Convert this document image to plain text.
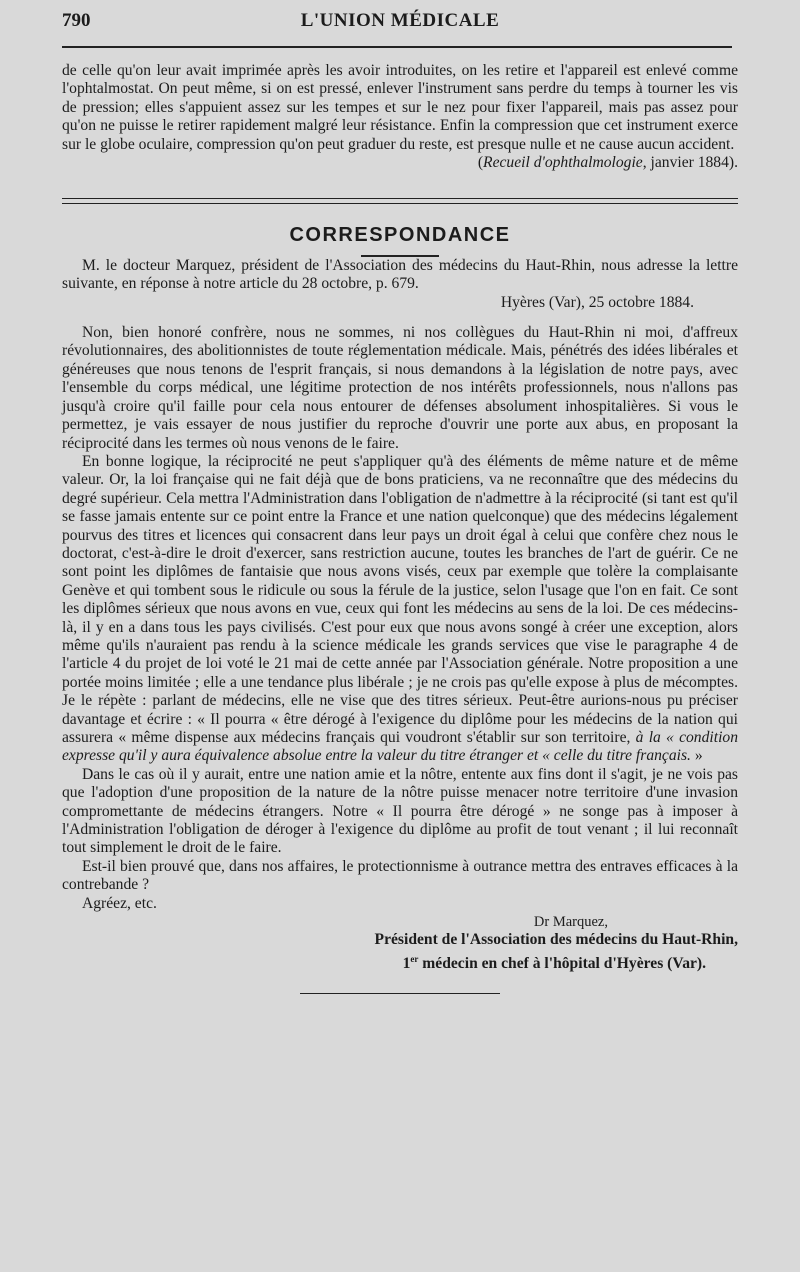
790	L'UNION MÉDICALE

de celle qu'on leur avait imprimée après les avoir introduites, on les retire et l'appareil est enlevé comme l'ophtalmostat. On peut même, si on est pressé, enlever l'instrument sans perdre du temps à tourner les vis de pression; elles s'appuient assez sur les tempes et sur le nez pour fixer l'appareil, mais pas assez pour qu'on ne puisse le retirer rapidement malgré leur résistance. Enfin la compression que cet instrument exerce sur le globe oculaire, compression qu'on peut graduer du reste, est presque nulle et ne cause aucun accident.

(Recueil d'ophthalmologie, janvier 1884).

CORRESPONDANCE

M. le docteur Marquez, président de l'Association des médecins du Haut-Rhin, nous adresse la lettre suivante, en réponse à notre article du 28 octobre, p. 679.

Hyères (Var), 25 octobre 1884.

Non, bien honoré confrère, nous ne sommes, ni nos collègues du Haut-Rhin ni moi, d'affreux révolutionnaires, des abolitionnistes de toute réglementation médicale. Mais, pénétrés des idées libérales et généreuses que nous tenons de l'esprit français, si nous demandons à la législation de notre pays, avec l'ensemble du corps médical, une légitime protection de nos intérêts professionnels, nous n'allons pas jusqu'à croire qu'il faille pour cela nous entourer de défenses absolument inhospitalières. Si vous le permettez, je vais essayer de nous justifier du reproche d'ouvrir une porte aux abus, en proposant la réciprocité dans les termes où nous venons de le faire.

En bonne logique, la réciprocité ne peut s'appliquer qu'à des éléments de même nature et de même valeur. Or, la loi française qui ne fait déjà que de bons praticiens, va ne reconnaître que des médecins du degré supérieur. Cela mettra l'Administration dans l'obligation de n'admettre à la réciprocité (si tant est qu'il se fasse jamais entente sur ce point entre la France et une nation quelconque) que des médecins légalement pourvus des titres et licences qui consacrent dans leur pays un droit égal à celui que confère chez nous le doctorat, c'est-à-dire le droit d'exercer, sans restriction aucune, toutes les branches de l'art de guérir. Ce ne sont point les diplômes de fantaisie que nous avons visés, ceux par exemple que tolère la complaisante Genève et qui tombent sous le ridicule ou sous la férule de la justice, selon l'usage que l'on en fait. Ce sont les diplômes sérieux que nous avons en vue, ceux qui font les médecins au sens de la loi. De ces médecins-là, il y en a dans tous les pays civilisés. C'est pour eux que nous avons songé à créer une exception, alors même qu'ils n'auraient pas rendu à la science médicale les grands services que vise le paragraphe 4 de l'article 4 du projet de loi voté le 21 mai de cette année par l'Association générale. Notre proposition a une portée moins limitée ; elle a une tendance plus libérale ; je ne crois pas qu'elle expose à plus de mécomptes. Je le répète : parlant de médecins, elle ne vise que des titres sérieux. Peut-être aurions-nous pu préciser davantage et écrire : « Il pourra « être dérogé à l'exigence du diplôme pour les médecins de la nation qui assurera « même dispense aux médecins français qui voudront s'établir sur son territoire, à la « condition expresse qu'il y aura équivalence absolue entre la valeur du titre étranger et « celle du titre français. »

Dans le cas où il y aurait, entre une nation amie et la nôtre, entente aux fins dont il s'agit, je ne vois pas que l'adoption d'une proposition de la nature de la nôtre puisse menacer notre territoire d'une invasion compromettante de médecins étrangers. Notre « Il pourra être dérogé » ne songe pas à imposer à l'Administration l'obligation de déroger à l'exigence du diplôme au profit de tout venant ; il lui reconnaît tout simplement le droit de le faire.

Est-il bien prouvé que, dans nos affaires, le protectionnisme à outrance mettra des entraves efficaces à la contrebande ?

Agréez, etc.

Dr Marquez,

Président de l'Association des médecins du Haut-Rhin,

1er médecin en chef à l'hôpital d'Hyères (Var).
